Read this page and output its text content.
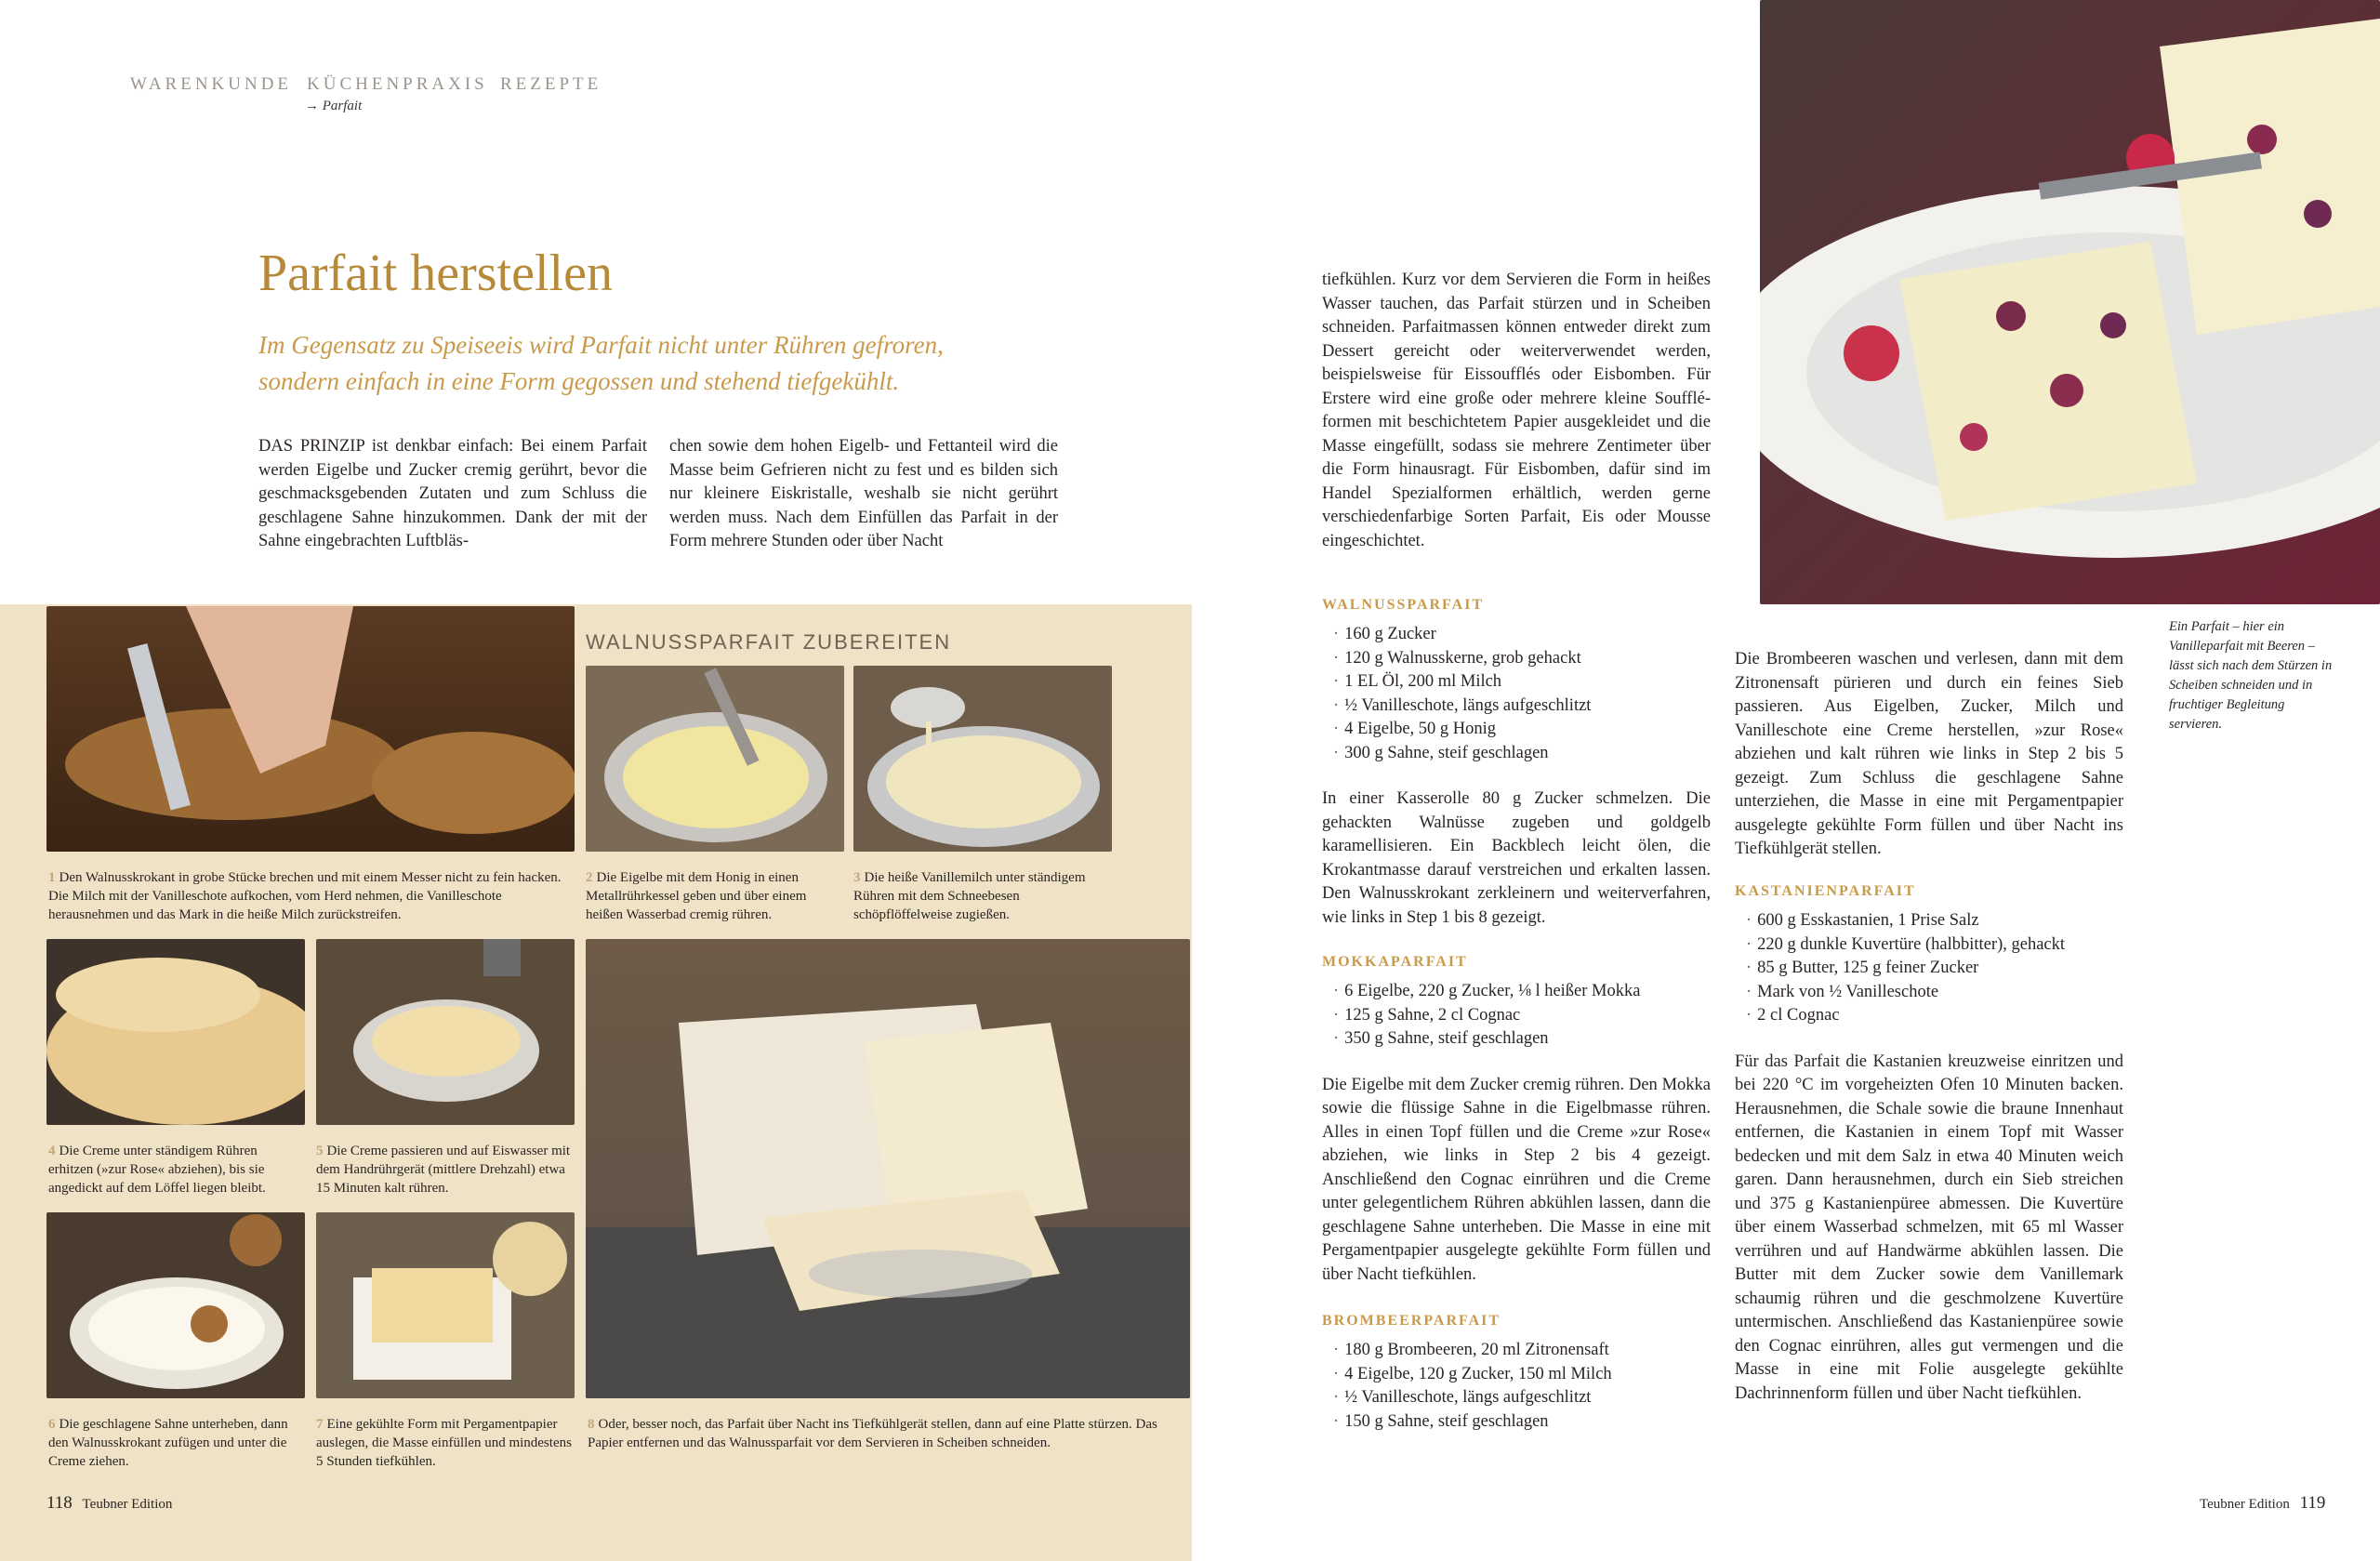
WARENKUNDE KÜCHENPRAXIS REZEPTE
→ Parfait
Parfait herstellen
Im Gegensatz zu Speiseeis wird Parfait nicht unter Rühren gefroren, sondern einfach in eine Form gegossen und stehend tiefgekühlt.
DAS PRINZIP ist denkbar einfach: Bei einem Parfait werden Eigelbe und Zucker cremig gerührt, bevor die geschmacksgebenden Zutaten und zum Schluss die geschlagene Sahne hinzukommen. Dank der mit der Sahne eingebrachten Luftbläs-
chen sowie dem hohen Eigelb- und Fettanteil wird die Masse beim Gefrieren nicht zu fest und es bilden sich nur kleinere Eiskristalle, weshalb sie nicht gerührt werden muss. Nach dem Einfüllen das Parfait in der Form mehrere Stunden oder über Nacht
tiefkühlen. Kurz vor dem Servieren die Form in heißes Wasser tauchen, das Parfait stürzen und in Scheiben schneiden. Parfaitmassen können entweder direkt zum Dessert gereicht oder weiterverwendet werden, beispielsweise für Eissoufflés oder Eisbomben. Für Erstere wird eine große oder mehrere kleine Souffléformen mit beschichtetem Papier ausgekleidet und die Masse eingefüllt, sodass sie mehrere Zentimeter über die Form hinausragt. Für Eisbomben, dafür sind im Handel Spezialformen erhältlich, werden gerne verschiedenfarbige Sorten Parfait, Eis oder Mousse eingeschichtet.
WALNUSSPARFAIT ZUBEREITEN
1 Den Walnusskrokant in grobe Stücke brechen und mit einem Messer nicht zu fein hacken. Die Milch mit der Vanilleschote aufkochen, vom Herd nehmen, die Vanilleschote herausnehmen und das Mark in die heiße Milch zurückstreifen.
2 Die Eigelbe mit dem Honig in einen Metallrührkessel geben und über einem heißen Wasserbad cremig rühren.
3 Die heiße Vanillemilch unter ständigem Rühren mit dem Schneebesen schöpflöffelweise zugießen.
4 Die Creme unter ständigem Rühren erhitzen (»zur Rose« abziehen), bis sie angedickt auf dem Löffel liegen bleibt.
5 Die Creme passieren und auf Eiswasser mit dem Handrührgerät (mittlere Drehzahl) etwa 15 Minuten kalt rühren.
6 Die geschlagene Sahne unterheben, dann den Walnusskrokant zufügen und unter die Creme ziehen.
7 Eine gekühlte Form mit Pergamentpapier auslegen, die Masse einfüllen und mindestens 5 Stunden tiefkühlen.
8 Oder, besser noch, das Parfait über Nacht ins Tiefkühlgerät stellen, dann auf eine Platte stürzen. Das Papier entfernen und das Walnussparfait vor dem Servieren in Scheiben schneiden.
Ein Parfait – hier ein Vanilleparfait mit Beeren – lässt sich nach dem Stürzen in Scheiben schneiden und in fruchtiger Begleitung servieren.
WALNUSSPARFAIT
· 160 g Zucker
· 120 g Walnusskerne, grob gehackt
· 1 EL Öl, 200 ml Milch
· ½ Vanilleschote, längs aufgeschlitzt
· 4 Eigelbe, 50 g Honig
· 300 g Sahne, steif geschlagen
In einer Kasserolle 80 g Zucker schmelzen. Die gehackten Walnüsse zugeben und goldgelb karamellisieren. Ein Backblech leicht ölen, die Krokantmasse darauf verstreichen und erkalten lassen. Den Walnusskrokant zerkleinern und weiterverfahren, wie links in Step 1 bis 8 gezeigt.
MOKKAPARFAIT
· 6 Eigelbe, 220 g Zucker, ⅛ l heißer Mokka
· 125 g Sahne, 2 cl Cognac
· 350 g Sahne, steif geschlagen
Die Eigelbe mit dem Zucker cremig rühren. Den Mokka sowie die flüssige Sahne in die Eigelbmasse rühren. Alles in einen Topf füllen und die Creme »zur Rose« abziehen, wie links in Step 2 bis 4 gezeigt. Anschließend den Cognac einrühren und die Creme unter gelegentlichem Rühren abkühlen lassen, dann die geschlagene Sahne unterheben. Die Masse in eine mit Pergamentpapier ausgelegte gekühlte Form füllen und über Nacht tiefkühlen.
BROMBEERPARFAIT
· 180 g Brombeeren, 20 ml Zitronensaft
· 4 Eigelbe, 120 g Zucker, 150 ml Milch
· ½ Vanilleschote, längs aufgeschlitzt
· 150 g Sahne, steif geschlagen
Die Brombeeren waschen und verlesen, dann mit dem Zitronensaft pürieren und durch ein feines Sieb passieren. Aus Eigelben, Zucker, Milch und Vanilleschote eine Creme herstellen, »zur Rose« abziehen und kalt rühren wie links in Step 2 bis 5 gezeigt. Zum Schluss die geschlagene Sahne unterziehen, die Masse in eine mit Pergamentpapier ausgelegte gekühlte Form füllen und über Nacht ins Tiefkühlgerät stellen.
KASTANIENPARFAIT
· 600 g Esskastanien, 1 Prise Salz
· 220 g dunkle Kuvertüre (halbbitter), gehackt
· 85 g Butter, 125 g feiner Zucker
· Mark von ½ Vanilleschote
· 2 cl Cognac
Für das Parfait die Kastanien kreuzweise einritzen und bei 220 °C im vorgeheizten Ofen 10 Minuten backen. Herausnehmen, die Schale sowie die braune Innenhaut entfernen, die Kastanien in einem Topf mit Wasser bedecken und mit dem Salz in etwa 40 Minuten weich garen. Dann herausnehmen, durch ein Sieb streichen und 375 g Kastanienpüree abmessen. Die Kuvertüre über einem Wasserbad schmelzen, mit 65 ml Wasser verrühren und auf Handwärme abkühlen lassen. Die Butter mit dem Zucker sowie dem Vanillemark schaumig rühren und die geschmolzene Kuvertüre untermischen. Anschließend das Kastanienpüree sowie den Cognac einrühren, alles gut vermengen und die Masse in eine mit Folie ausgelegte gekühlte Dachrinnenform füllen und über Nacht tiefkühlen.
118 Teubner Edition	Teubner Edition 119
